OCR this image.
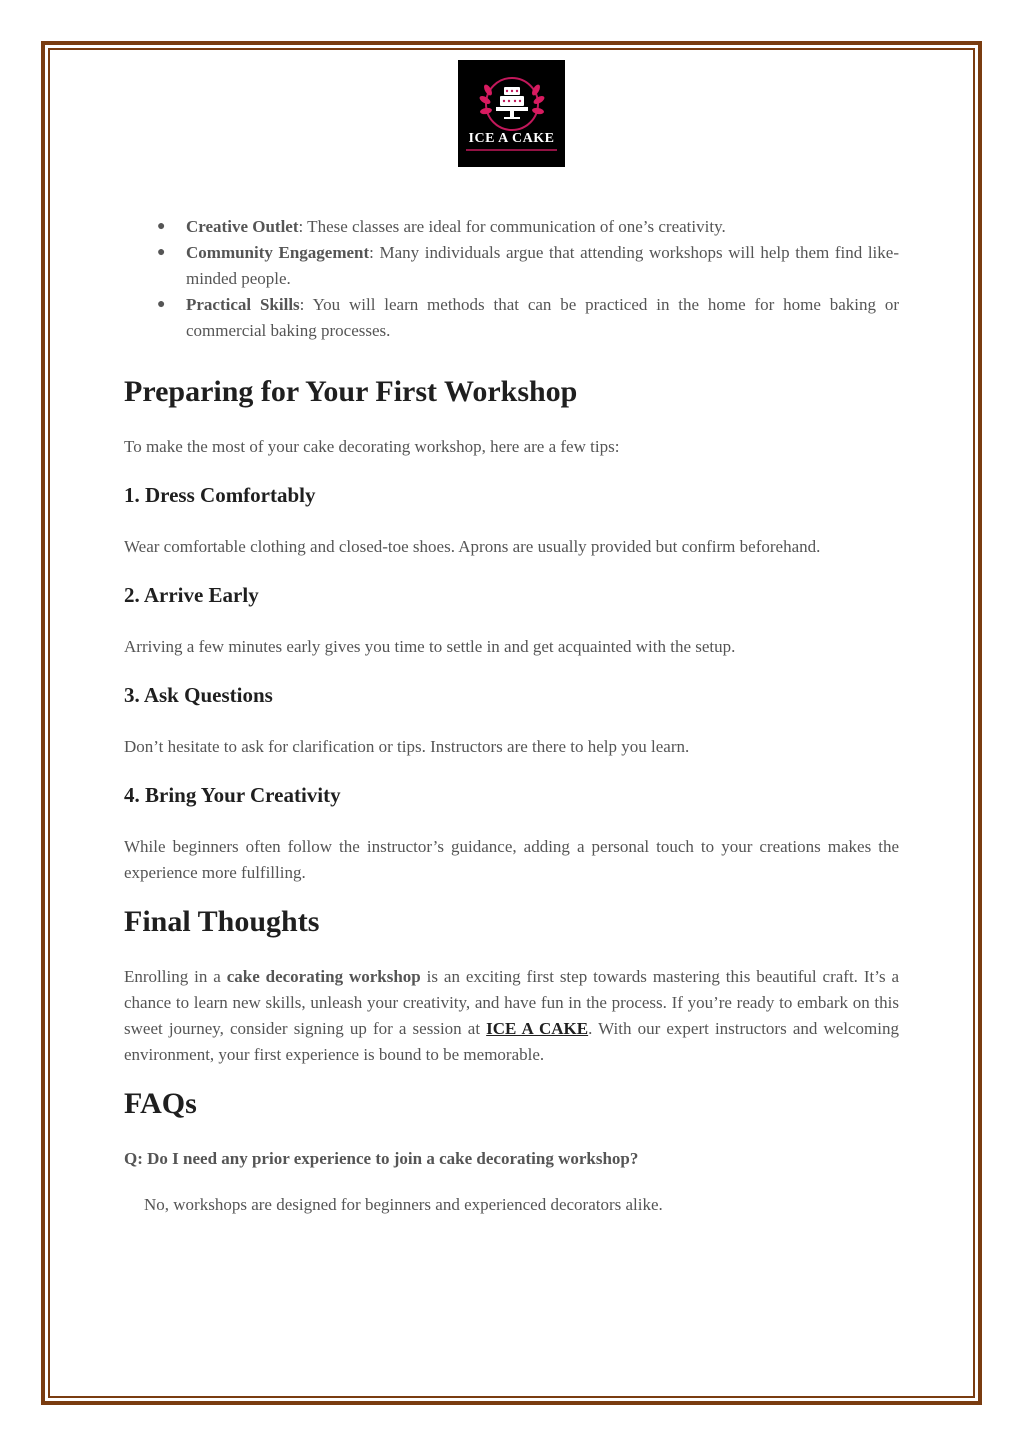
ICE A CAKE
● Creative Outlet: These classes are ideal for communication of one’s creativity.
● Community Engagement: Many individuals argue that attending workshops will help them find like-minded people.
● Practical Skills: You will learn methods that can be practiced in the home for home baking or commercial baking processes.
Preparing for Your First Workshop

To make the most of your cake decorating workshop, here are a few tips:

1. Dress Comfortably

Wear comfortable clothing and closed-toe shoes. Aprons are usually provided but confirm beforehand.

2. Arrive Early

Arriving a few minutes early gives you time to settle in and get acquainted with the setup.

3. Ask Questions

Don’t hesitate to ask for clarification or tips. Instructors are there to help you learn.

4. Bring Your Creativity

While beginners often follow the instructor’s guidance, adding a personal touch to your creations makes the experience more fulfilling.

Final Thoughts

Enrolling in a cake decorating workshop is an exciting first step towards mastering this beautiful craft. It’s a chance to learn new skills, unleash your creativity, and have fun in the process. If you’re ready to embark on this sweet journey, consider signing up for a session at ICE A CAKE. With our expert instructors and welcoming environment, your first experience is bound to be memorable.

FAQs

Q: Do I need any prior experience to join a cake decorating workshop?

No, workshops are designed for beginners and experienced decorators alike.
